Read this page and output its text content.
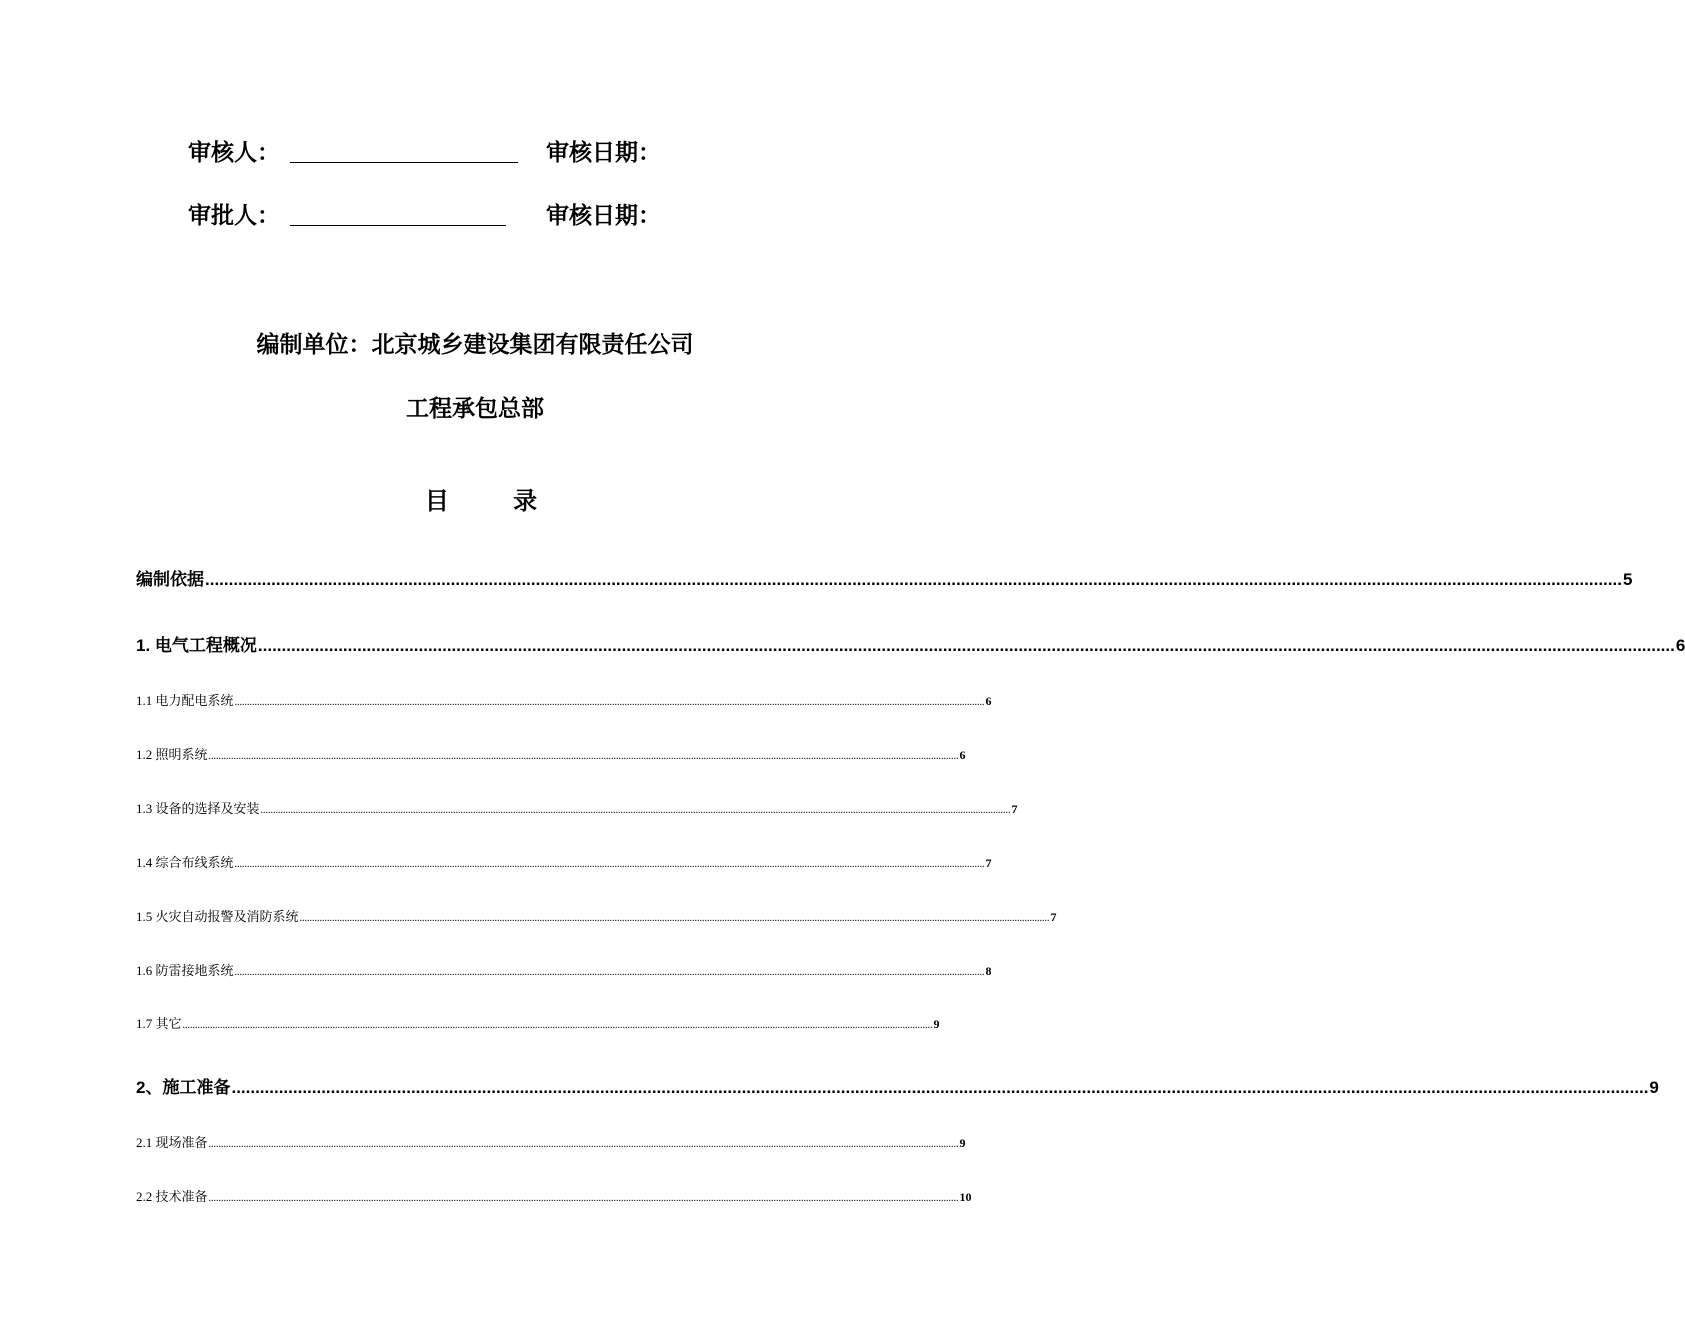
审核人：	审核日期：
审批人：	审核日期：
编制单位：北京城乡建设集团有限责任公司
工程承包总部
目 录
编制依据 ............................................................................................................................................................................................................................................................................................................ 5
1. 电气工程概况 ............................................................................................................................................................................................................................................................................................................ 6
1.1 电力配电系统 ............................................................................................................................................................................................................................................................................................................ 6
1.2 照明系统 ............................................................................................................................................................................................................................................................................................................ 6
1.3 设备的选择及安装 ............................................................................................................................................................................................................................................................................................................ 7
1.4 综合布线系统 ............................................................................................................................................................................................................................................................................................................ 7
1.5 火灾自动报警及消防系统 ............................................................................................................................................................................................................................................................................................................ 7
1.6 防雷接地系统 ............................................................................................................................................................................................................................................................................................................ 8
1.7 其它 ............................................................................................................................................................................................................................................................................................................ 9
2、施工准备 ............................................................................................................................................................................................................................................................................................................ 9
2.1 现场准备 ............................................................................................................................................................................................................................................................................................................ 9
2.2 技术准备 ............................................................................................................................................................................................................................................................................................................ 10
